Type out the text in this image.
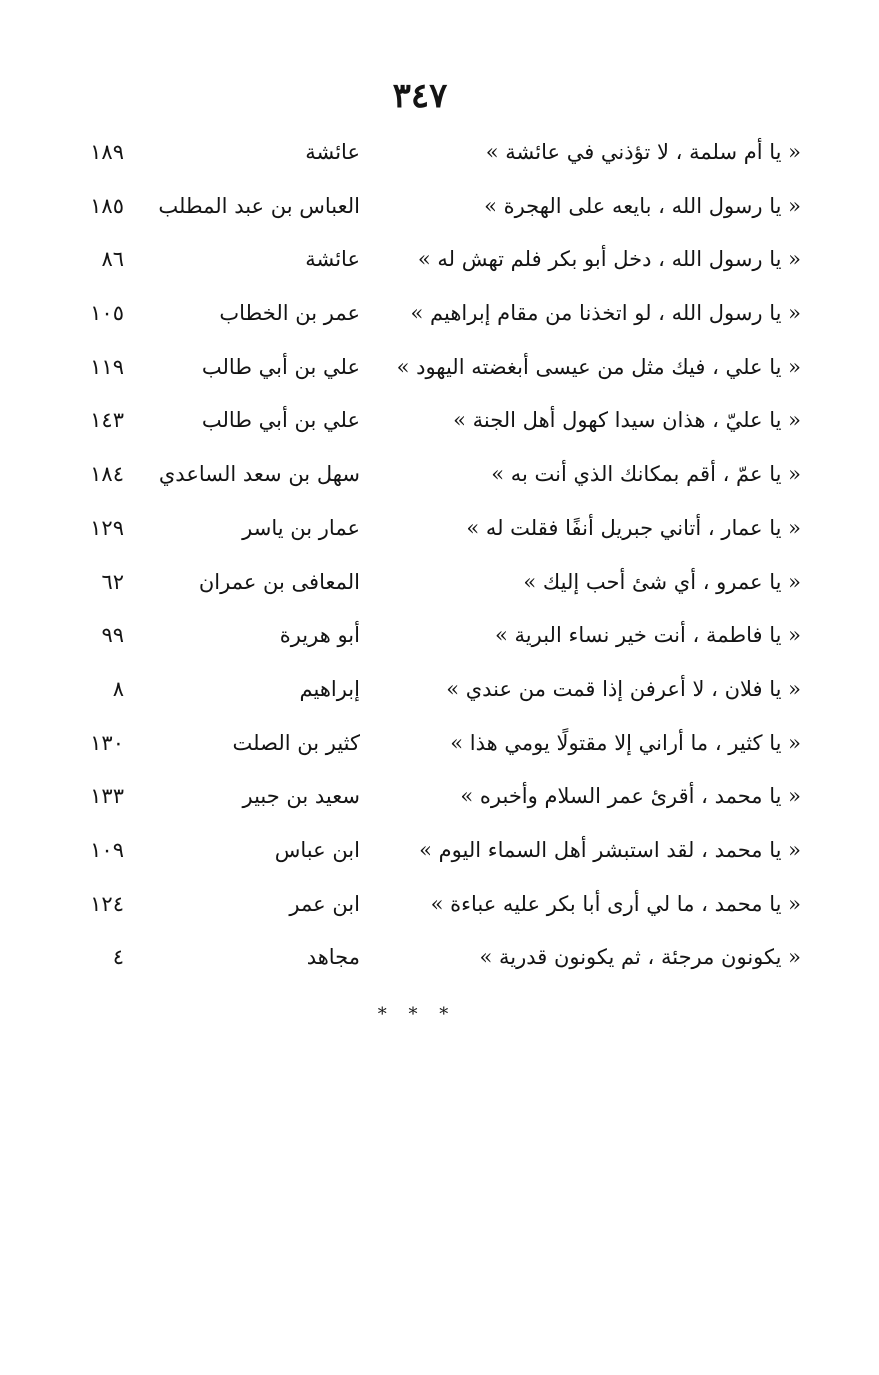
٣٤٧
« يا أم سلمة ، لا تؤذني في عائشة »
عائشة
١٨٩
« يا رسول الله ، بايعه على الهجرة »
العباس بن عبد المطلب
١٨٥
« يا رسول الله ، دخل أبو بكر فلم تهش له »
عائشة
٨٦
« يا رسول الله ، لو اتخذنا من مقام إبراهيم »
عمر بن الخطاب
١٠٥
« يا علي ، فيك مثل من عيسى أبغضته اليهود »
علي بن أبي طالب
١١٩
« يا عليّ ، هذان سيدا كهول أهل الجنة »
علي بن أبي طالب
١٤٣
« يا عمّ ، أقم بمكانك الذي أنت به »
سهل بن سعد الساعدي
١٨٤
« يا عمار ، أتاني جبريل أنفًا فقلت له »
عمار بن ياسر
١٢٩
« يا عمرو ، أي شئ أحب إليك »
المعافى بن عمران
٦٢
« يا فاطمة ، أنت خير نساء البرية »
أبو هريرة
٩٩
« يا فلان ، لا أعرفن إذا قمت من عندي »
إبراهيم
٨
« يا كثير ، ما أراني إلا مقتولًا يومي هذا »
كثير بن الصلت
١٣٠
« يا محمد ، أقرئ عمر السلام وأخبره »
سعيد بن جبير
١٣٣
« يا محمد ، لقد استبشر أهل السماء اليوم »
ابن عباس
١٠٩
« يا محمد ، ما لي أرى أبا بكر عليه عباءة »
ابن عمر
١٢٤
« يكونون مرجئة ، ثم يكونون قدرية »
مجاهد
٤
* * *
